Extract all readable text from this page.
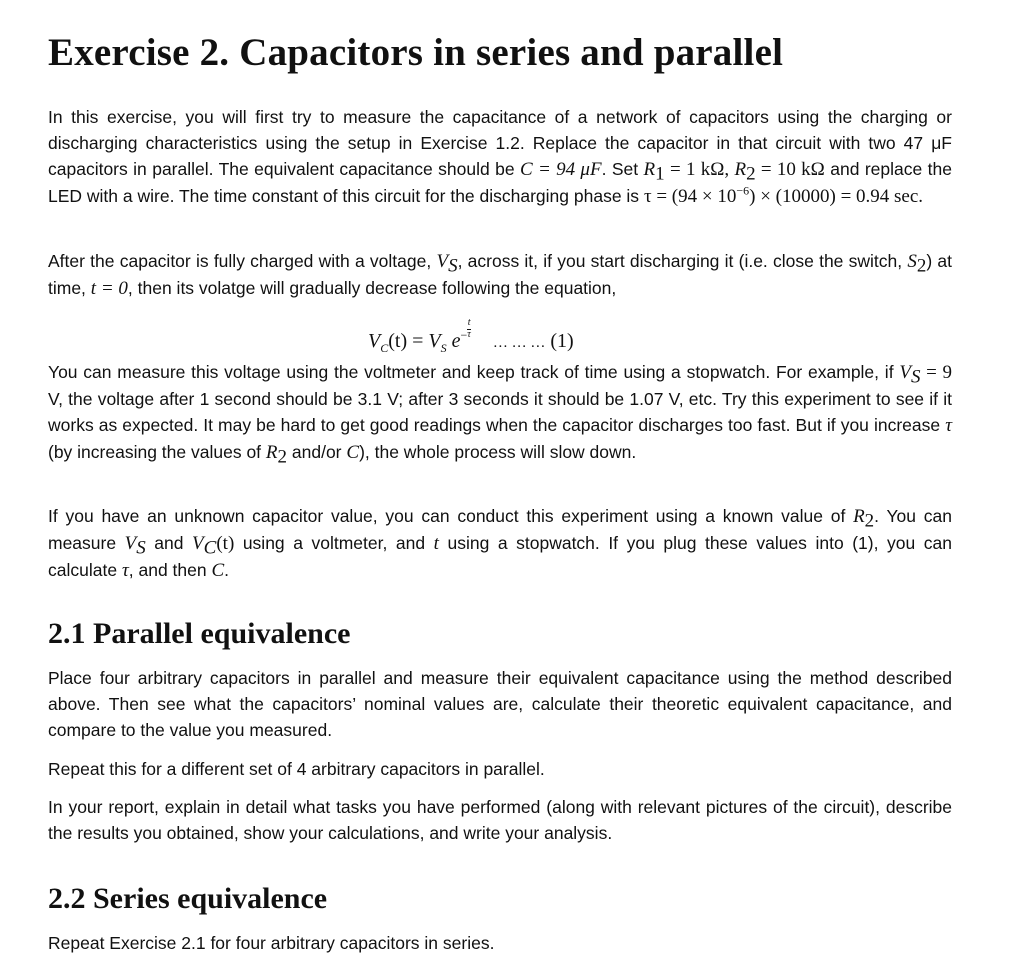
Exercise 2. Capacitors in series and parallel

In this exercise, you will first try to measure the capacitance of a network of capacitors using the charging or discharging characteristics using the setup in Exercise 1.2. Replace the capacitor in that circuit with two 47 μF capacitors in parallel. The equivalent capacitance should be C = 94 μF. Set $R_1 = 1$ kΩ, $R_2 = 10$ kΩ and replace the LED with a wire. The time constant of this circuit for the discharging phase is $\tau = (94 \times 10^{-6}) \times (10000) = 0.94$ sec.

After the capacitor is fully charged with a voltage, $V_S$, across it, if you start discharging it (i.e. close the switch, $S_2$) at time, t = 0, then its volatge will gradually decrease following the equation,

$V_C(t) = V_S$ $e^- \frac{t}{\tau}$
… … … (1)

You can measure this voltage using the voltmeter and keep track of time using a stopwatch. For example, if $V_S = 9$ V, the voltage after 1 second should be 3.1 V; after 3 seconds it should be 1.07 V, etc. Try this experiment to see if it works as expected. It may be hard to get good readings when the capacitor discharges too fast. But if you increase τ (by increasing the values of $R_2$ and/or C), the whole process will slow down.

If you have an unknown capacitor value, you can conduct this experiment using a known value of $R_2$. You can measure $V_S$ and $V_C(t)$ using a voltmeter, and t using a stopwatch. If you plug these values into (1), you can calculate τ, and then C.

2.1 Parallel equivalence

Place four arbitrary capacitors in parallel and measure their equivalent capacitance using the method described above. Then see what the capacitors’ nominal values are, calculate their theoretic equivalent capacitance, and compare to the value you measured.

Repeat this for a different set of 4 arbitrary capacitors in parallel.

In your report, explain in detail what tasks you have performed (along with relevant pictures of the circuit), describe the results you obtained, show your calculations, and write your analysis.

2.2 Series equivalence

Repeat Exercise 2.1 for four arbitrary capacitors in series.
